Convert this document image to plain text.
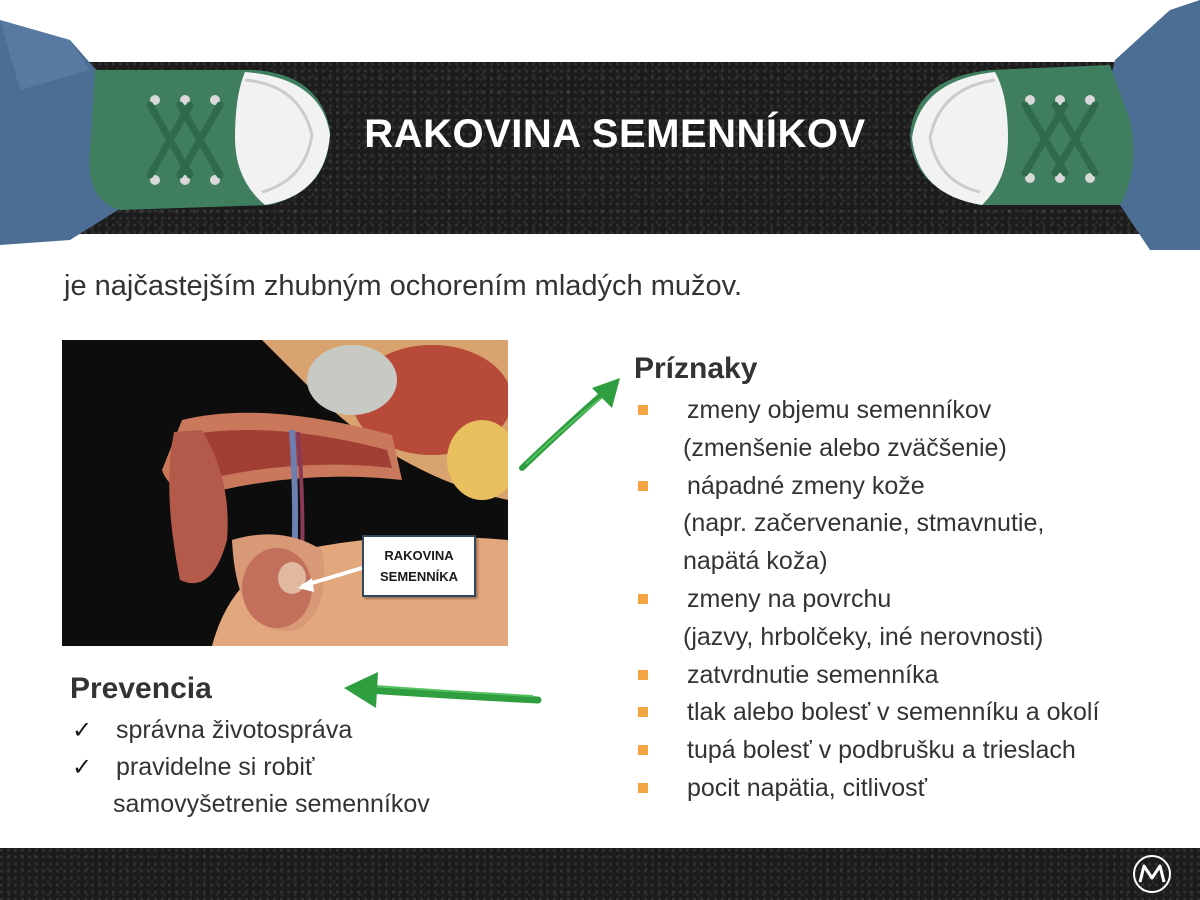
RAKOVINA SEMENNÍKOV
je najčastejším zhubným ochorením mladých mužov.
RAKOVINA
SEMENNÍKA
Príznaky
zmeny objemu semenníkov
(zmenšenie alebo zväčšenie)
nápadné zmeny kože
(napr. začervenanie, stmavnutie,
napätá koža)
zmeny na povrchu
(jazvy, hrbolčeky, iné nerovnosti)
zatvrdnutie semenníka
tlak alebo bolesť v semenníku a okolí
tupá bolesť v podbrušku a trieslach
pocit napätia, citlivosť
Prevencia
✓ správna životospráva
✓ pravidelne si robiť
samovyšetrenie semenníkov
